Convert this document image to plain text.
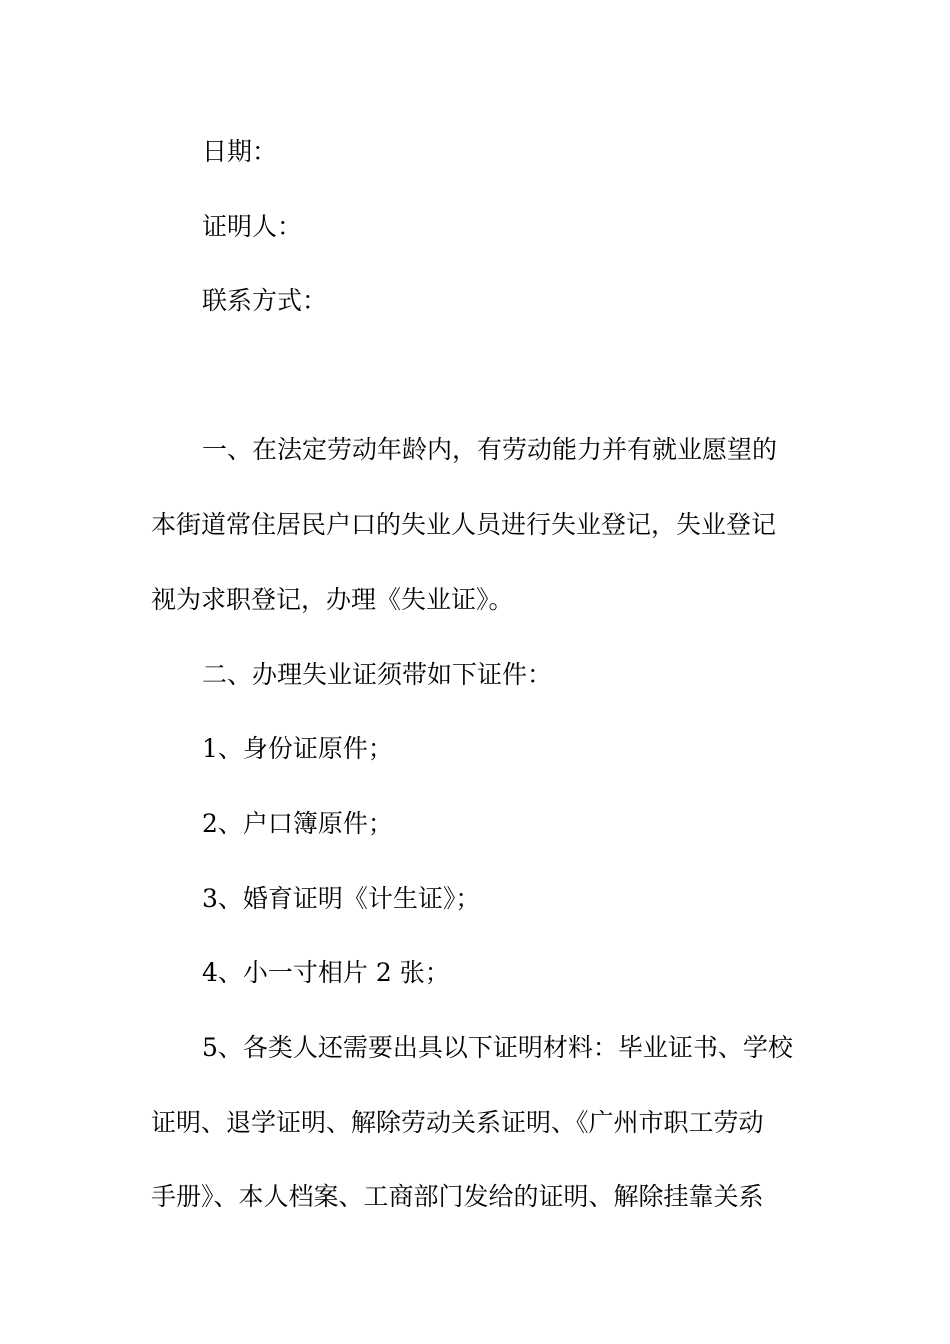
日期：
证明人：
联系方式：
一、在法定劳动年龄内，有劳动能力并有就业愿望的
本街道常住居民户口的失业人员进行失业登记，失业登记
视为求职登记，办理《失业证》。
二、办理失业证须带如下证件：
1、身份证原件；
2、户口簿原件；
3、婚育证明《计生证》；
4、小一寸相片 2 张；
5、各类人还需要出具以下证明材料：毕业证书、学校
证明、退学证明、解除劳动关系证明、《广州市职工劳动
手册》、本人档案、工商部门发给的证明、解除挂靠关系
